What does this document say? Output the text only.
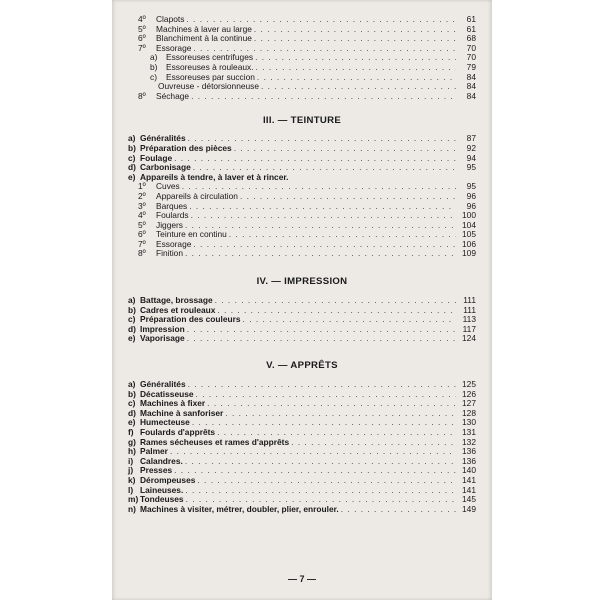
4º	Clapots . . .	61
5º	Machines à laver au large . . .	61
6º	Blanchiment à la continue . . .	68
7º	Essorage . . .	70
a)	Essoreuses centrifuges . . .	70
b)	Essoreuses à rouleaux. . . .	79
c)	Essoreuses par succion . . .	84
Ouvreuse - détorsionneuse . . .	84
8º	Séchage . . .	84
III. — TEINTURE
a) Généralités . . .	87
b) Préparation des pièces . . .	92
c) Foulage . . .	94
d) Carbonisage . . .	95
e) Appareils à tendre, à laver et à rincer.
1º	Cuves . . .	95
2º	Appareils à circulation . . .	96
3º	Barques . . .	96
4º	Foulards . . .	100
5º	Jiggers . . .	104
6º	Teinture en continu . . .	105
7º	Essorage . . .	106
8º	Finition . . .	109
IV. — IMPRESSION
a) Battage, brossage . . .	111
b) Cadres et rouleaux . . .	111
c) Préparation des couleurs . . .	113
d) Impression . . .	117
e) Vaporisage . . .	124
V. — APPRÊTS
a) Généralités . . .	125
b) Décatisseuse . . .	126
c) Machines à fixer . . .	127
d) Machine à sanforiser . . .	128
e) Humecteuse . . .	130
f) Foulards d'apprêts . . .	131
g) Rames sécheuses et rames d'apprêts . . .	132
h) Palmer . . .	136
i) Calandres. . . .	136
j) Presses . . .	140
k) Dérompeuses . . .	141
l) Laineuses. . . .	141
m) Tondeuses . . .	145
n) Machines à visiter, métrer, doubler, plier, enrouler. . . .	149
— 7 —
